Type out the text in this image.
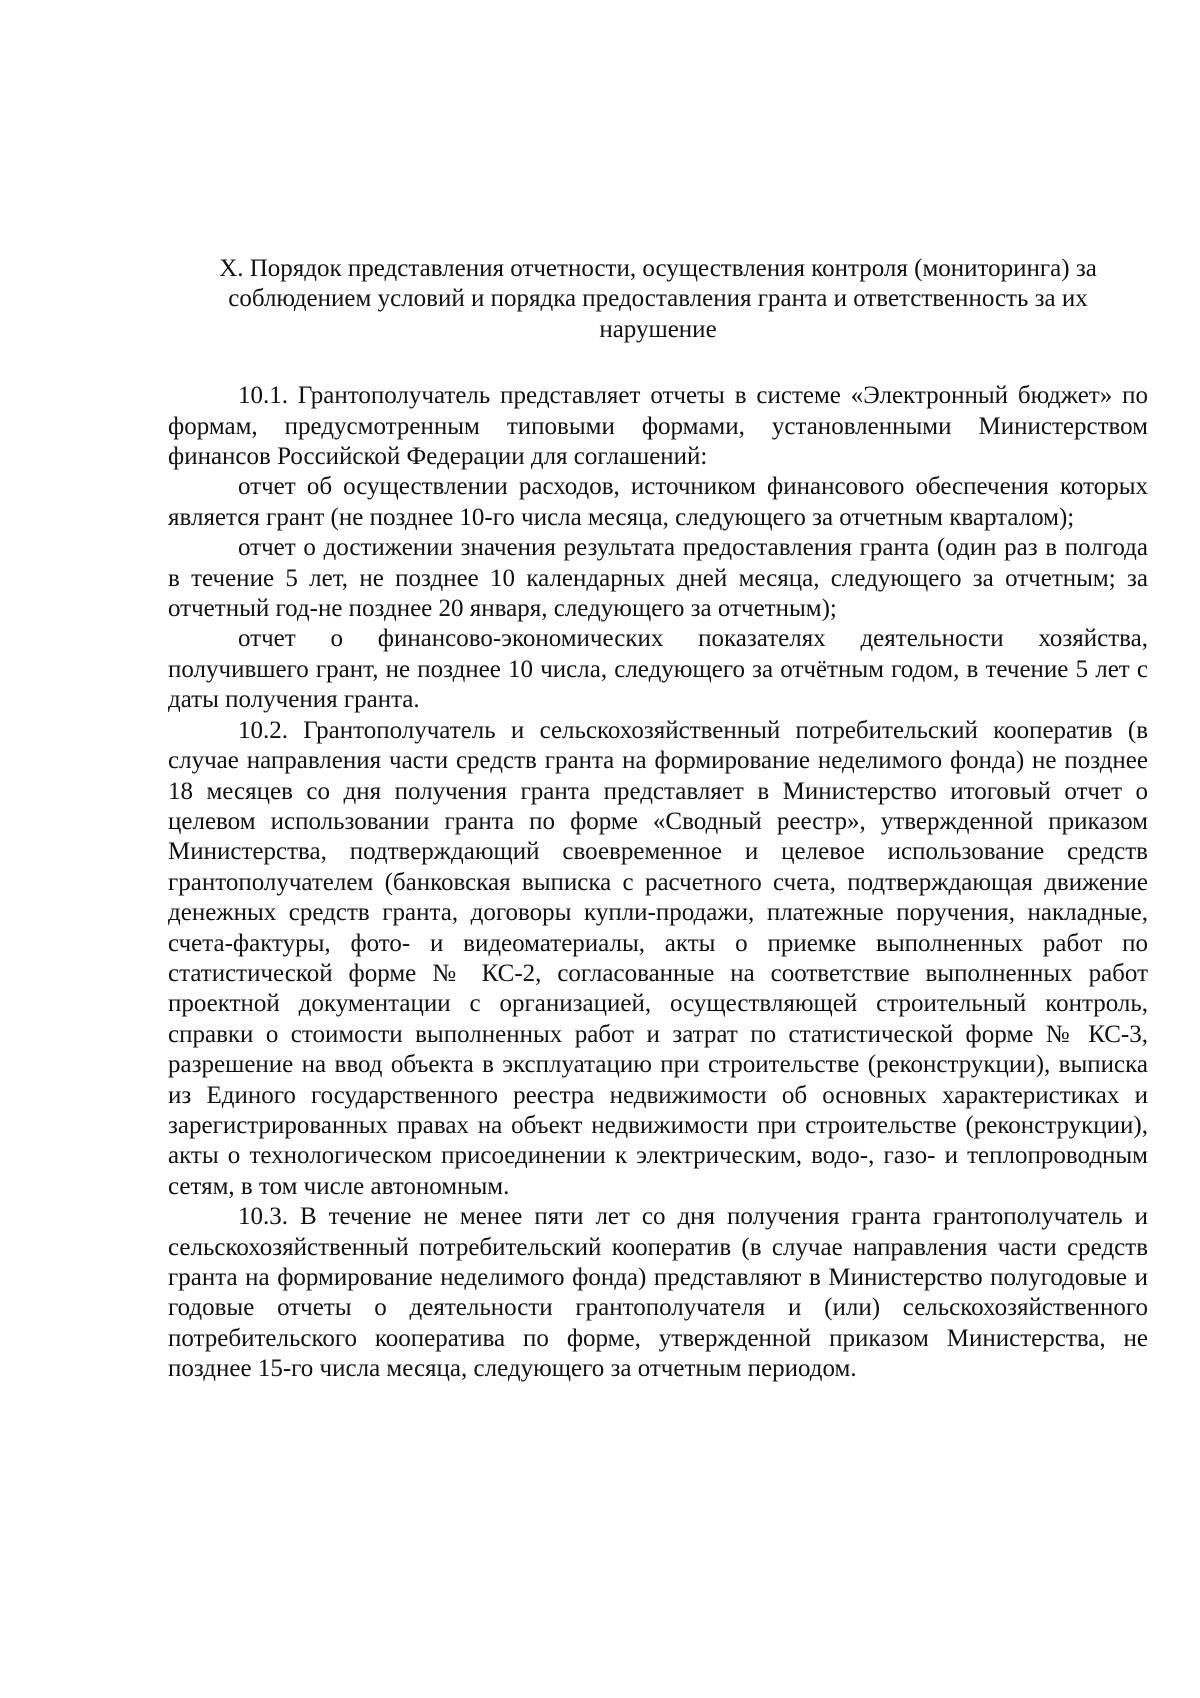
X. Порядок представления отчетности, осуществления контроля (мониторинга) за
соблюдением условий и порядка предоставления гранта и ответственность за их
нарушение

10.1. Грантополучатель представляет отчеты в системе «Электронный бюджет» по формам, предусмотренным типовыми формами, установленными Министерством финансов Российской Федерации для соглашений:

отчет об осуществлении расходов, источником финансового обеспечения которых является грант (не позднее 10-го числа месяца, следующего за отчетным кварталом);

отчет о достижении значения результата предоставления гранта (один раз в полгода в течение 5 лет, не позднее 10 календарных дней месяца, следующего за отчетным; за отчетный год-не позднее 20 января, следующего за отчетным);

отчет о финансово-экономических показателях деятельности хозяйства, получившего грант, не позднее 10 числа, следующего за отчётным годом, в течение 5 лет с даты получения гранта.

10.2. Грантополучатель и сельскохозяйственный потребительский кооператив (в случае направления части средств гранта на формирование неделимого фонда) не позднее 18 месяцев со дня получения гранта представляет в Министерство итоговый отчет о целевом использовании гранта по форме «Сводный реестр», утвержденной приказом Министерства, подтверждающий своевременное и целевое использование средств грантополучателем (банковская выписка с расчетного счета, подтверждающая движение денежных средств гранта, договоры купли-продажи, платежные поручения, накладные, счета-фактуры, фото- и видеоматериалы, акты о приемке выполненных работ по статистической форме № КС-2, согласованные на соответствие выполненных работ проектной документации с организацией, осуществляющей строительный контроль, справки о стоимости выполненных работ и затрат по статистической форме № КС-3, разрешение на ввод объекта в эксплуатацию при строительстве (реконструкции), выписка из Единого государственного реестра недвижимости об основных характеристиках и зарегистрированных правах на объект недвижимости при строительстве (реконструкции), акты о технологическом присоединении к электрическим, водо-, газо- и теплопроводным сетям, в том числе автономным.

10.3. В течение не менее пяти лет со дня получения гранта грантополучатель и сельскохозяйственный потребительский кооператив (в случае направления части средств гранта на формирование неделимого фонда) представляют в Министерство полугодовые и годовые отчеты о деятельности грантополучателя и (или) сельскохозяйственного потребительского кооператива по форме, утвержденной приказом Министерства, не позднее 15-го числа месяца, следующего за отчетным периодом.
